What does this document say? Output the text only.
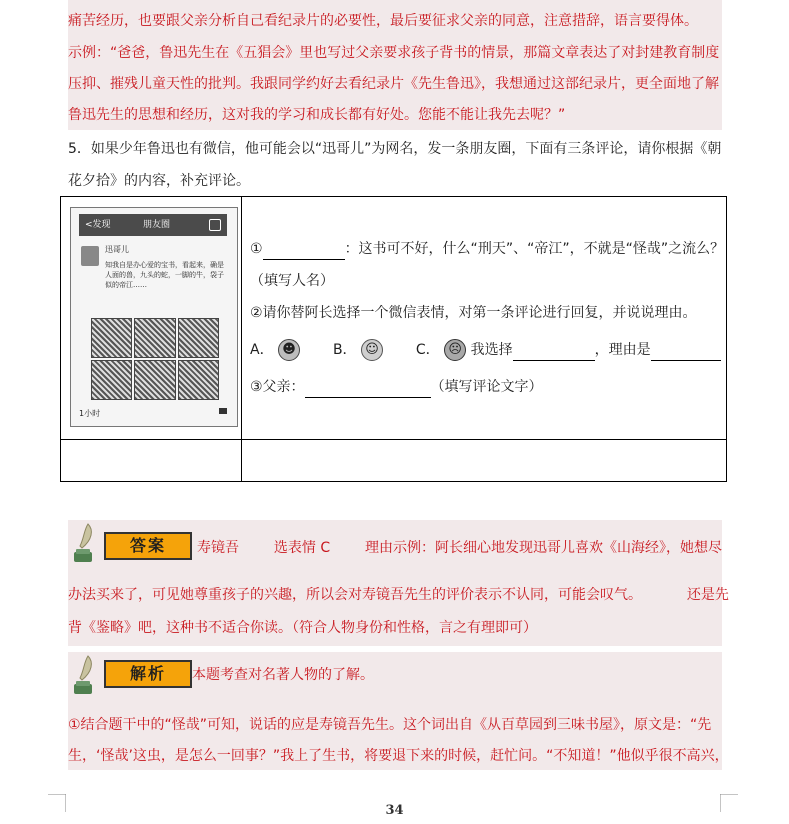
痛苦经历，也要跟父亲分析自己看纪录片的必要性，最后要征求父亲的同意，注意措辞，语言要得体。
示例：“爸爸，鲁迅先生在《五猖会》里也写过父亲要求孩子背书的情景，那篇文章表达了对封建教育制度
压抑、摧残儿童天性的批判。我跟同学约好去看纪录片《先生鲁迅》，我想通过这部纪录片，更全面地了解
鲁迅先生的思想和经历，这对我的学习和成长都有好处。您能不能让我先去呢？”
5．如果少年鲁迅也有微信，他可能会以“迅哥儿”为网名，发一条朋友圈，下面有三条评论，请你根据《朝
花夕拾》的内容，补充评论。

<发现	朋友圈
迅哥儿
知我自是办心爱的宝书，看起来，确是人面的兽，九头的蛇，一脚的牛，袋子似的帝江……
1小时
①	：这书可不好，什么“刑天”、“帝江”，不就是“怪哉”之流么？
（填写人名）
②请你替阿长选择一个微信表情，对第一条评论进行回复，并说说理由。
A． ☻	B． ☺	C． ☹ 我选择	，理由是
③父亲：	（填写评论文字）
答案	寿镜吾 选表情 C 理由示例：阿长细心地发现迅哥儿喜欢《山海经》，她想尽
办法买来了，可见她尊重孩子的兴趣，所以会对寿镜吾先生的评价表示不认同，可能会叹气。	还是先
背《鉴略》吧，这种书不适合你读。（符合人物身份和性格，言之有理即可）
解析	本题考查对名著人物的了解。
①结合题干中的“怪哉”可知，说话的应是寿镜吾先生。这个词出自《从百草园到三味书屋》，原文是：“先
生，‘怪哉’这虫，是怎么一回事？”我上了生书，将要退下来的时候，赶忙问。“不知道！”他似乎很不高兴，
34
